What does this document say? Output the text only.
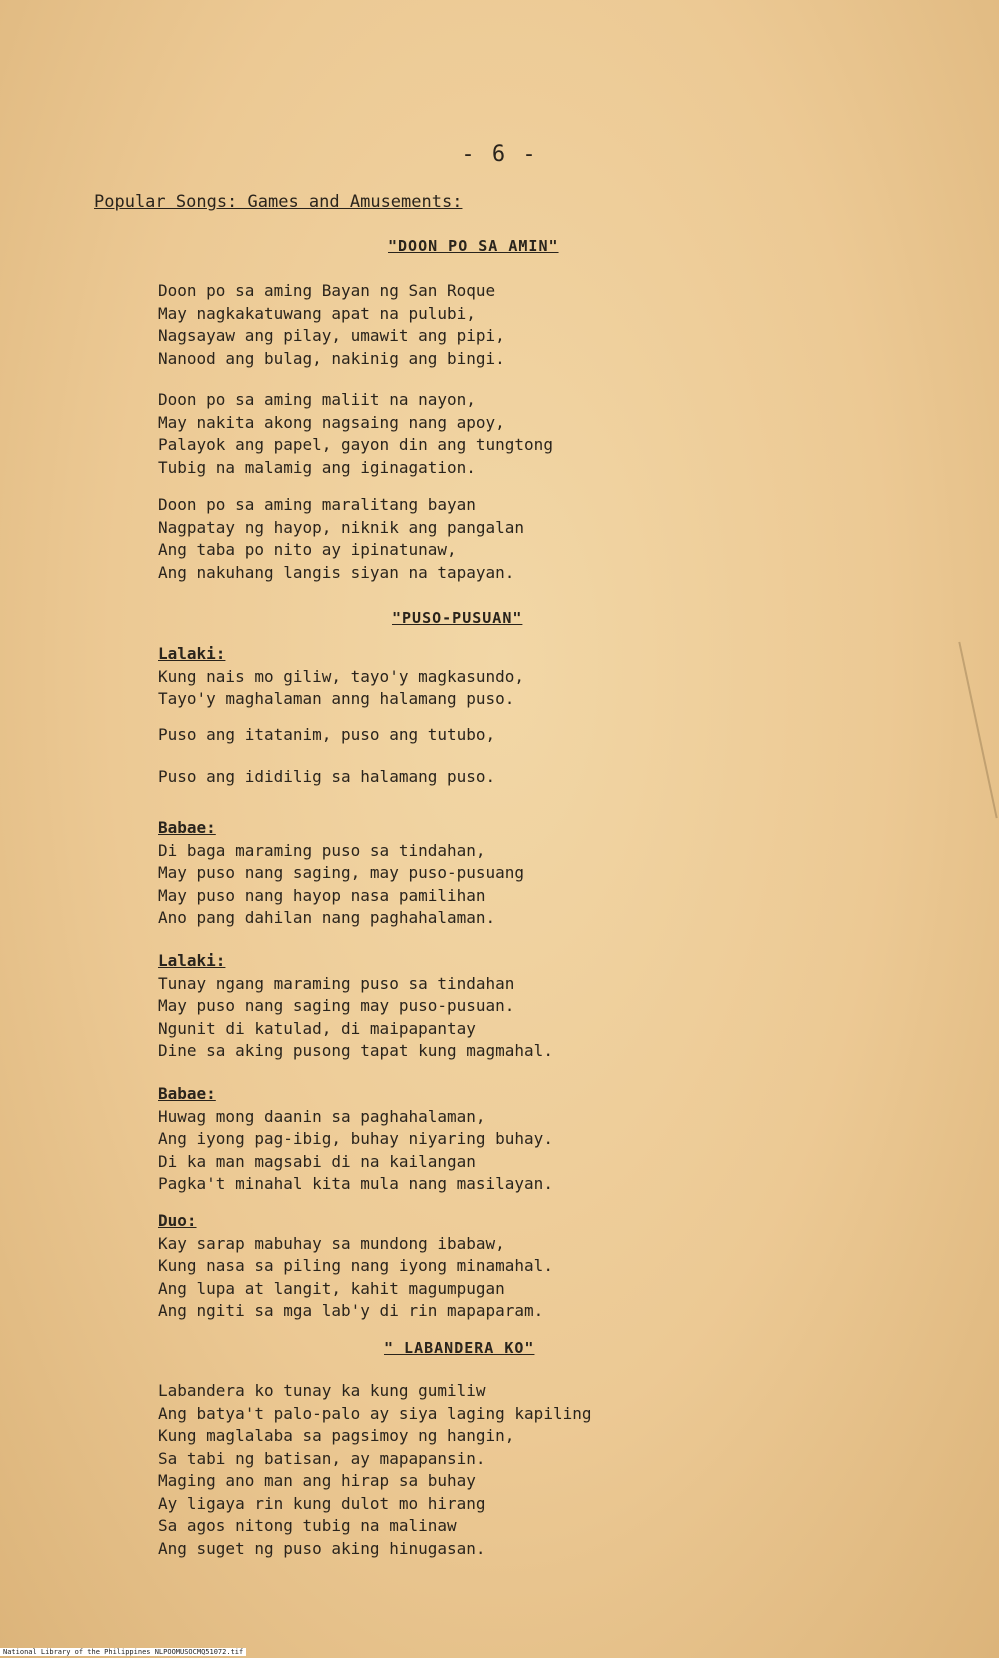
- 6 -
Popular Songs: Games and Amusements:
"DOON PO SA AMIN"
Doon po sa aming Bayan ng San Roque
May nagkakatuwang apat na pulubi,
Nagsayaw ang pilay, umawit ang pipi,
Nanood ang bulag, nakinig ang bingi.
Doon po sa aming maliit na nayon,
May nakita akong nagsaing nang apoy,
Palayok ang papel, gayon din ang tungtong
Tubig na malamig ang iginagation.
Doon po sa aming maralitang bayan
Nagpatay ng hayop, niknik ang pangalan
Ang taba po nito ay ipinatunaw,
Ang nakuhang langis siyan na tapayan.
"PUSO-PUSUAN"
Lalaki:
Kung nais mo giliw, tayo'y magkasundo,
Tayo'y maghalaman anng halamang puso.
Puso ang itatanim, puso ang tutubo,
Puso ang ididilig sa halamang puso.
Babae:
Di baga maraming puso sa tindahan,
May puso nang saging, may puso-pusuang
May puso nang hayop nasa pamilihan
Ano pang dahilan nang paghahalaman.
Lalaki:
Tunay ngang maraming puso sa tindahan
May puso nang saging may puso-pusuan.
Ngunit di katulad, di maipapantay
Dine sa aking pusong tapat kung magmahal.
Babae:
Huwag mong daanin sa paghahalaman,
Ang iyong pag-ibig, buhay niyaring buhay.
Di ka man magsabi di na kailangan
Pagka't minahal kita mula nang masilayan.
Duo:
Kay sarap mabuhay sa mundong ibabaw,
Kung nasa sa piling nang iyong minamahal.
Ang lupa at langit, kahit magumpugan
Ang ngiti sa mga lab'y di rin mapaparam.
" LABANDERA KO"
Labandera ko tunay ka kung gumiliw
Ang batya't palo-palo ay siya laging kapiling
Kung maglalaba sa pagsimoy ng hangin,
Sa tabi ng batisan, ay mapapansin.
Maging ano man ang hirap sa buhay
Ay ligaya rin kung dulot mo hirang
Sa agos nitong tubig na malinaw
Ang suget ng puso aking hinugasan.
National Library of the Philippines NLPOOMUSOCMQ51072.tif
